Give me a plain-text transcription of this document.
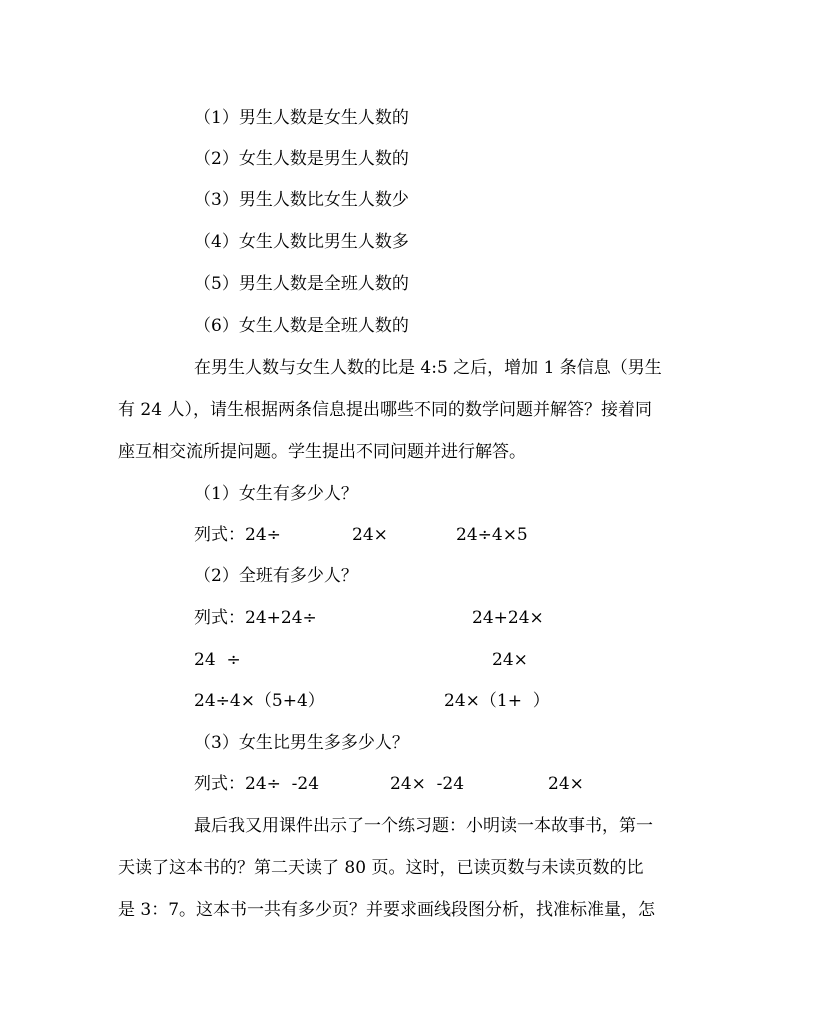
（1）男生人数是女生人数的
（2）女生人数是男生人数的
（3）男生人数比女生人数少
（4）女生人数比男生人数多
（5）男生人数是全班人数的
（6）女生人数是全班人数的
在男生人数与女生人数的比是 4:5 之后，增加 1 条信息（男生
有 24 人），请生根据两条信息提出哪些不同的数学问题并解答？接着同
座互相交流所提问题。学生提出不同问题并进行解答。
（1）女生有多少人？

列式：24÷

	24×

	24÷4×5

（2）全班有多少人？

列式：24+24÷

	24+24×

24  ÷

	24×

24÷4×（5+4）

	24×（1+  ）

（3）女生比男生多多少人？

列式：24÷  -24

	24×  -24

	24×

最后我又用课件出示了一个练习题：小明读一本故事书，第一
天读了这本书的？第二天读了 80 页。这时，已读页数与未读页数的比
是 3：7。这本书一共有多少页？并要求画线段图分析，找准标准量，怎
